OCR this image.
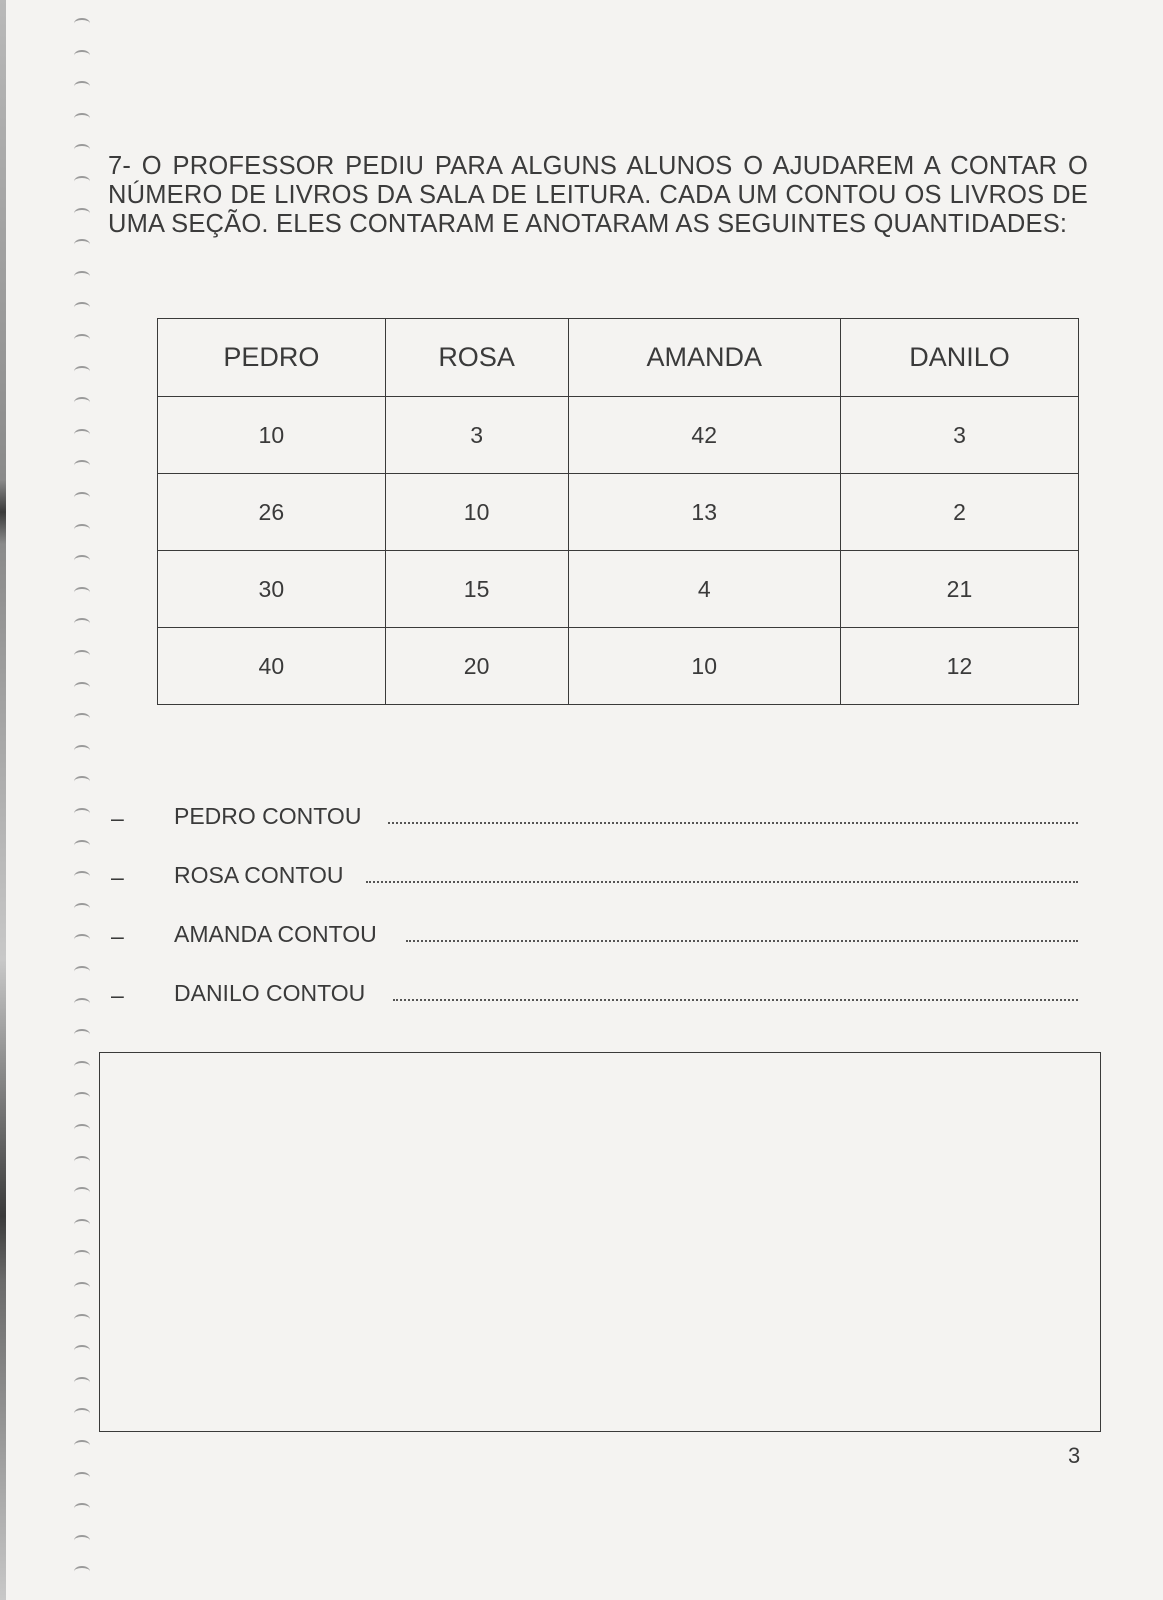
7- O PROFESSOR PEDIU PARA ALGUNS ALUNOS O AJUDAREM A CONTAR O NÚMERO DE LIVROS DA SALA DE LEITURA. CADA UM CONTOU OS LIVROS DE UMA SEÇÃO. ELES CONTARAM E ANOTARAM AS SEGUINTES QUANTIDADES:
PEDRO	ROSA	AMANDA	DANILO
10	3	42	3
26	10	13	2
30	15	4	21
40	20	10	12
– PEDRO CONTOU
– ROSA CONTOU
– AMANDA CONTOU
– DANILO CONTOU
3
